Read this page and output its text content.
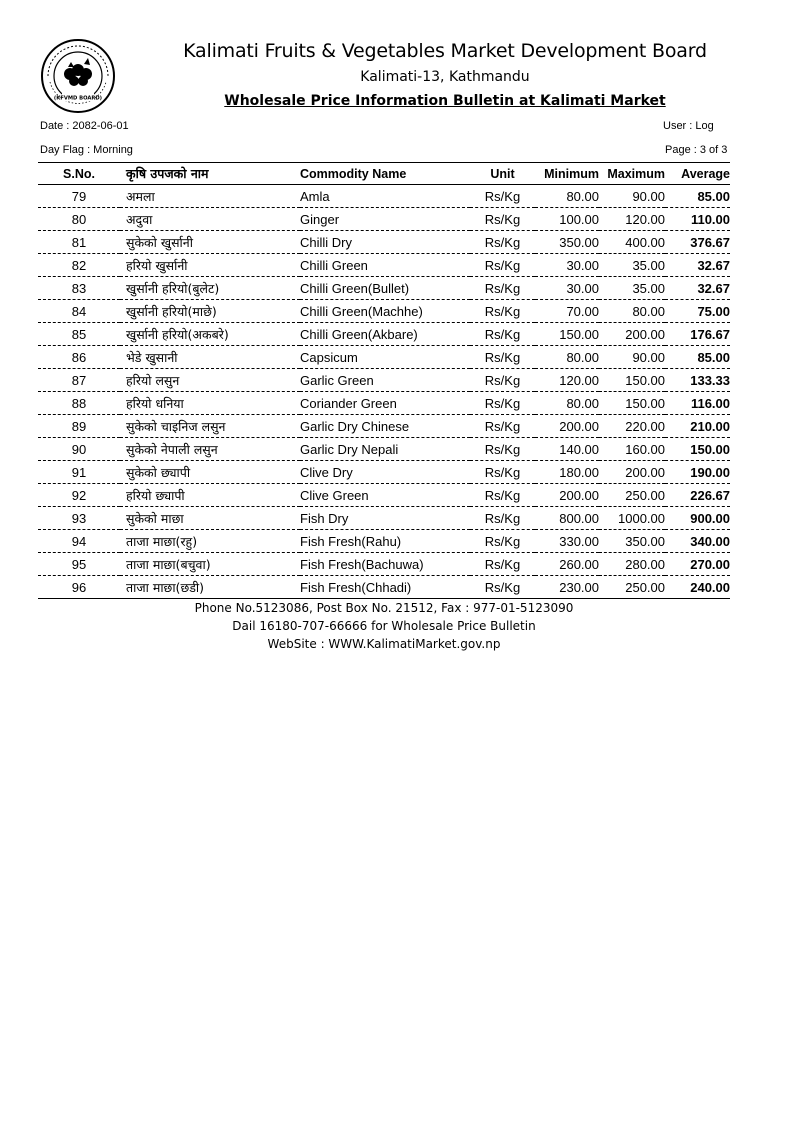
(KFVMD BOARD)
Kalimati Fruits & Vegetables Market Development Board
Kalimati-13, Kathmandu
Wholesale Price Information Bulletin at Kalimati Market
Date : 2082-06-01	User : Log
Day Flag : Morning	Page : 3 of 3
S.No.	कृषि उपजको नाम	Commodity Name	Unit	Minimum	Maximum	Average
79	अमला	Amla	Rs/Kg	80.00	90.00	85.00
80	अदुवा	Ginger	Rs/Kg	100.00	120.00	110.00
81	सुकेको खुर्सानी	Chilli Dry	Rs/Kg	350.00	400.00	376.67
82	हरियो खुर्सानी	Chilli Green	Rs/Kg	30.00	35.00	32.67
83	खुर्सानी हरियो(बुलेट)	Chilli Green(Bullet)	Rs/Kg	30.00	35.00	32.67
84	खुर्सानी हरियो(माछे)	Chilli Green(Machhe)	Rs/Kg	70.00	80.00	75.00
85	खुर्सानी हरियो(अकबरे)	Chilli Green(Akbare)	Rs/Kg	150.00	200.00	176.67
86	भेडे खुसानी	Capsicum	Rs/Kg	80.00	90.00	85.00
87	हरियो लसुन	Garlic Green	Rs/Kg	120.00	150.00	133.33
88	हरियो धनिया	Coriander Green	Rs/Kg	80.00	150.00	116.00
89	सुकेको चाइनिज लसुन	Garlic Dry Chinese	Rs/Kg	200.00	220.00	210.00
90	सुकेको नेपाली लसुन	Garlic Dry Nepali	Rs/Kg	140.00	160.00	150.00
91	सुकेको छ्यापी	Clive Dry	Rs/Kg	180.00	200.00	190.00
92	हरियो छ्यापी	Clive Green	Rs/Kg	200.00	250.00	226.67
93	सुकेको माछा	Fish Dry	Rs/Kg	800.00	1000.00	900.00
94	ताजा माछा(रहु)	Fish Fresh(Rahu)	Rs/Kg	330.00	350.00	340.00
95	ताजा माछा(बचुवा)	Fish Fresh(Bachuwa)	Rs/Kg	260.00	280.00	270.00
96	ताजा माछा(छडी)	Fish Fresh(Chhadi)	Rs/Kg	230.00	250.00	240.00
Phone No.5123086, Post Box No. 21512, Fax : 977-01-5123090
Dail 16180-707-66666 for Wholesale Price Bulletin
WebSite : WWW.KalimatiMarket.gov.np
